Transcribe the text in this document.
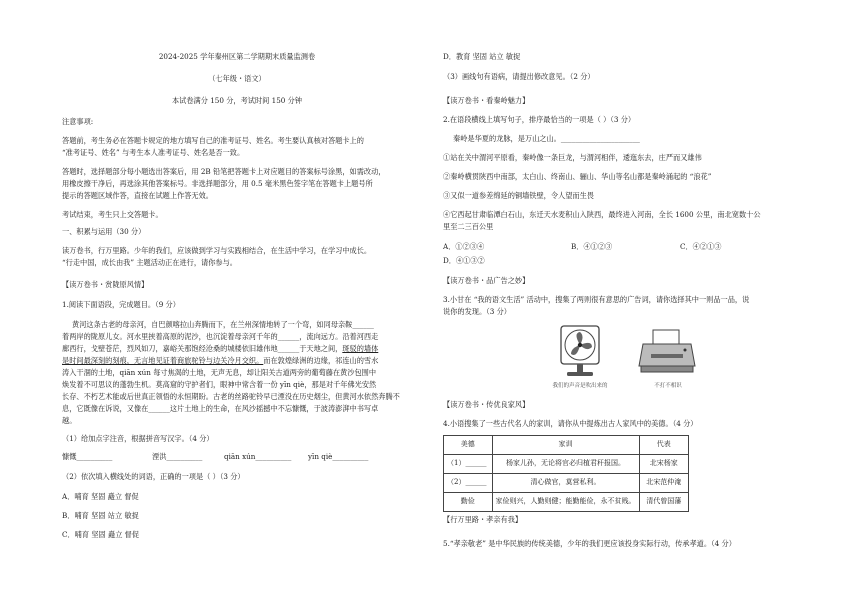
2024-2025 学年秦州区第二学期期末质量监测卷
（七年级・语文）
本试卷满分 150 分，考试时间 150 分钟
注意事项:
答题前，考生务必在答题卡规定的地方填写自己的准考证号、姓名。考生要认真核对答题卡上的
“准考证号、姓名” 与考生本人准考证号、姓名是否一致。
答题时，选择题部分每小题选出答案后，用 2B 铅笔把答题卡上对应题目的答案标号涂黑，如需改动，
用橡皮擦干净后，再选涂其他答案标号。非选择题部分，用 0.5 毫米黑色签字笔在答题卡上题号所
提示的答题区域作答，直接在试题上作答无效。
考试结束，考生只上交答题卡。
一、积累与运用（30 分）
读万卷书，行万里路。少年的我们，应该做到学习与实践相结合，在生活中学习，在学习中成长。
“行走中国，成长由我” 主题活动正在进行，请你参与。
【读万卷书・赏陇原风情】
1.阅读下面语段，完成题目。（9 分）
黄河这条古老的母亲河，自巴颜喀拉山奔腾而下，在兰州深情地转了一个弯，如同母亲鞍______
着两岸的陇原儿女。河水里挟着高原的泥沙，也沉淀着母亲河千年的______，流向远方。沿着河西走
廊西行，戈壁苍茫，烈风如刀，嘉峪关那饱经沧桑的城楼依旧雄伟地______于天地之间，斑驳的墙体
是时间最深刻的刻痕，无言地见证着商旅驼铃与边关冷月交织。而在敦煌绿洲的边缘，祁连山的雪水
涛入干涸的土地，qiān xún 每寸焦渴的土地，无声无息，却让阳关古道两旁的葡萄藤在黄沙包围中
焕发着不可思议的蓬勃生机。莫高窟的守护者们，眼神中常含着一份 yīn qiè，那是对千年佛光安然
长存、不朽艺术能或后世真正领悟的永恒期盼。古老的丝路驼铃早已湮没在历史烟尘，但黄河水依然奔腾不
息，它既像在诉说，又像在______这片土地上的生命，在风沙摇撼中不忘慷慨，于波涛澎湃中书写卓
越。
（1）给加点字注音，根据拼音写汉字。（4 分）
慷慨__________	湮洪__________	qiān xún__________ yīn qiè__________
（2）依次填入横线处的词语，正确的一项是（ ）（3 分）
A．哺育 坚固 矗立 督促
B．哺育 坚固 站立 敏捉
C．哺育 坚固 矗立 督促
D．教育 坚固 站立 敏捉
（3）画线句有语病，请提出修改意见。（2 分）
【读万卷书・看秦岭魅力】
2.在语段横线上填写句子，排序最恰当的一项是（ ）（3 分）
秦岭是华夏的龙脉，是万山之山。______________________
①站在关中渭河平原看，秦岭像一条巨龙，与渭河相伴，逶迤东去，庄严而又雄伟
②秦岭横贯陕西中南部，太白山、终南山、骊山、华山等名山都是秦岭涌起的 “浪花”
③又似一道参差绵延的铜墙铁壁，令人望而生畏
④它西起甘肃临潭白石山，东迁天水麦积山入陕西，最终进入河南，全长 1600 公里，南北宽数十公
里至二三百公里
A．①②③④	B．④①②③	C．④②①③
D．④①③②
【读万卷书・品广告之妙】
3.小甘在 “我的语文生活” 活动中，搜集了两则很有意思的广告词，请你选择其中一则品一品，说
说你的发现。（3 分）
我们的声音是吹出来的	不打不相识
【读万卷书・传优良家风】
4.小语搜集了一些古代名人的家训，请你从中提炼出古人家风中的美德。（4 分）
美德	家训	代表
（1）______	杨家儿孙，无论将官必归植君秆报国。	北宋杨家
（2）______	清心做官，莫营私利。	北宋范仲淹
勤俭	家俭则兴，人勤则健；能勤能俭，永不贫贱。	清代曾国藩
【行万里路・孝亲有我】
5.“孝亲敬老” 是中华民族的传统美德，少年的我们更应该投身实际行动，传承孝道。（4 分）
